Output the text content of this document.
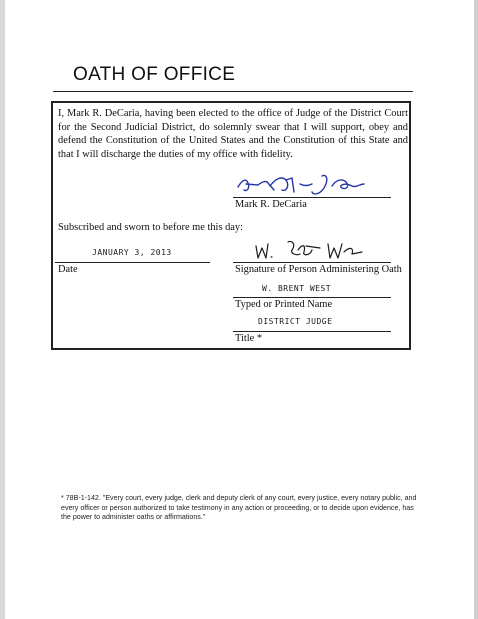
OATH OF OFFICE
I, Mark R. DeCaria, having been elected to the office of Judge of the District Court for the Second Judicial District, do solemnly swear that I will support, obey and defend the Constitution of the United States and the Constitution of this State and that I will discharge the duties of my office with fidelity.
Mark R. DeCaria
Subscribed and sworn to before me this day:
JANUARY 3, 2013
Date	Signature of Person Administering Oath
W. BRENT WEST
Typed or Printed Name
DISTRICT JUDGE
Title *
* 78B-1-142. "Every court, every judge, clerk and deputy clerk of any court, every justice, every notary public, and every officer or person authorized to take testimony in any action or proceeding, or to decide upon evidence, has the power to administer oaths or affirmations."
